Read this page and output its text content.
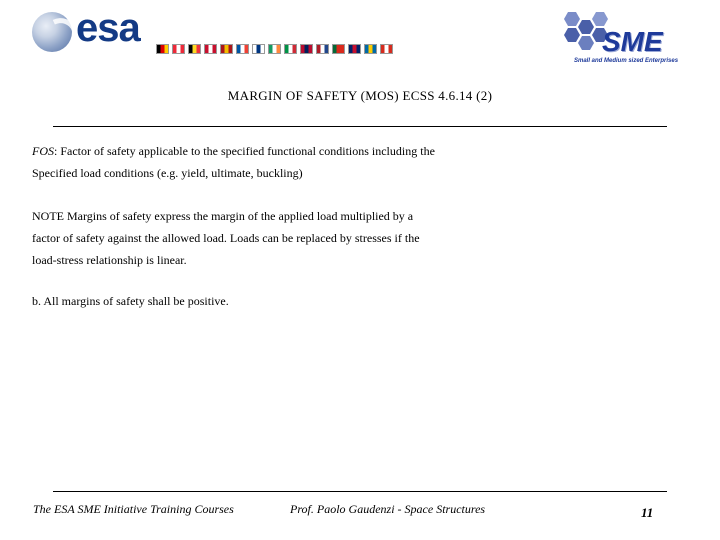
esa	SME
Small and Medium sized Enterprises
MARGIN OF SAFETY (MOS) ECSS 4.6.14 (2)
FOS: Factor of safety applicable to the specified functional conditions including the
Specified load conditions (e.g. yield, ultimate, buckling)
NOTE Margins of safety express the margin of the applied load multiplied by a
factor of safety against the allowed load. Loads can be replaced by stresses if the
load-stress relationship is linear.
b. All margins of safety shall be positive.
The ESA SME Initiative Training Courses	Prof. Paolo Gaudenzi - Space Structures	11
